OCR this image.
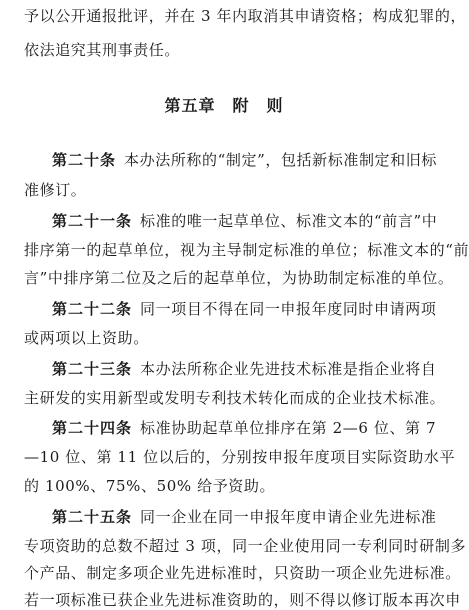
予以公开通报批评，并在 3 年内取消其申请资格；构成犯罪的，
依法追究其刑事责任。
第五章　附　则
第二十条 本办法所称的“制定”，包括新标准制定和旧标
准修订。
第二十一条 标准的唯一起草单位、标准文本的“前言”中
排序第一的起草单位，视为主导制定标准的单位；标准文本的“前
言”中排序第二位及之后的起草单位，为协助制定标准的单位。
第二十二条 同一项目不得在同一申报年度同时申请两项
或两项以上资助。
第二十三条 本办法所称企业先进技术标准是指企业将自
主研发的实用新型或发明专利技术转化而成的企业技术标准。
第二十四条 标准协助起草单位排序在第 2—6 位、第 7
—10 位、第 11 位以后的，分别按申报年度项目实际资助水平
的 100%、75%、50% 给予资助。
第二十五条 同一企业在同一申报年度申请企业先进标准
专项资助的总数不超过 3 项，同一企业使用同一专利同时研制多
个产品、制定多项企业先进标准时，只资助一项企业先进标准。
若一项标准已获企业先进标准资助的，则不得以修订版本再次申
